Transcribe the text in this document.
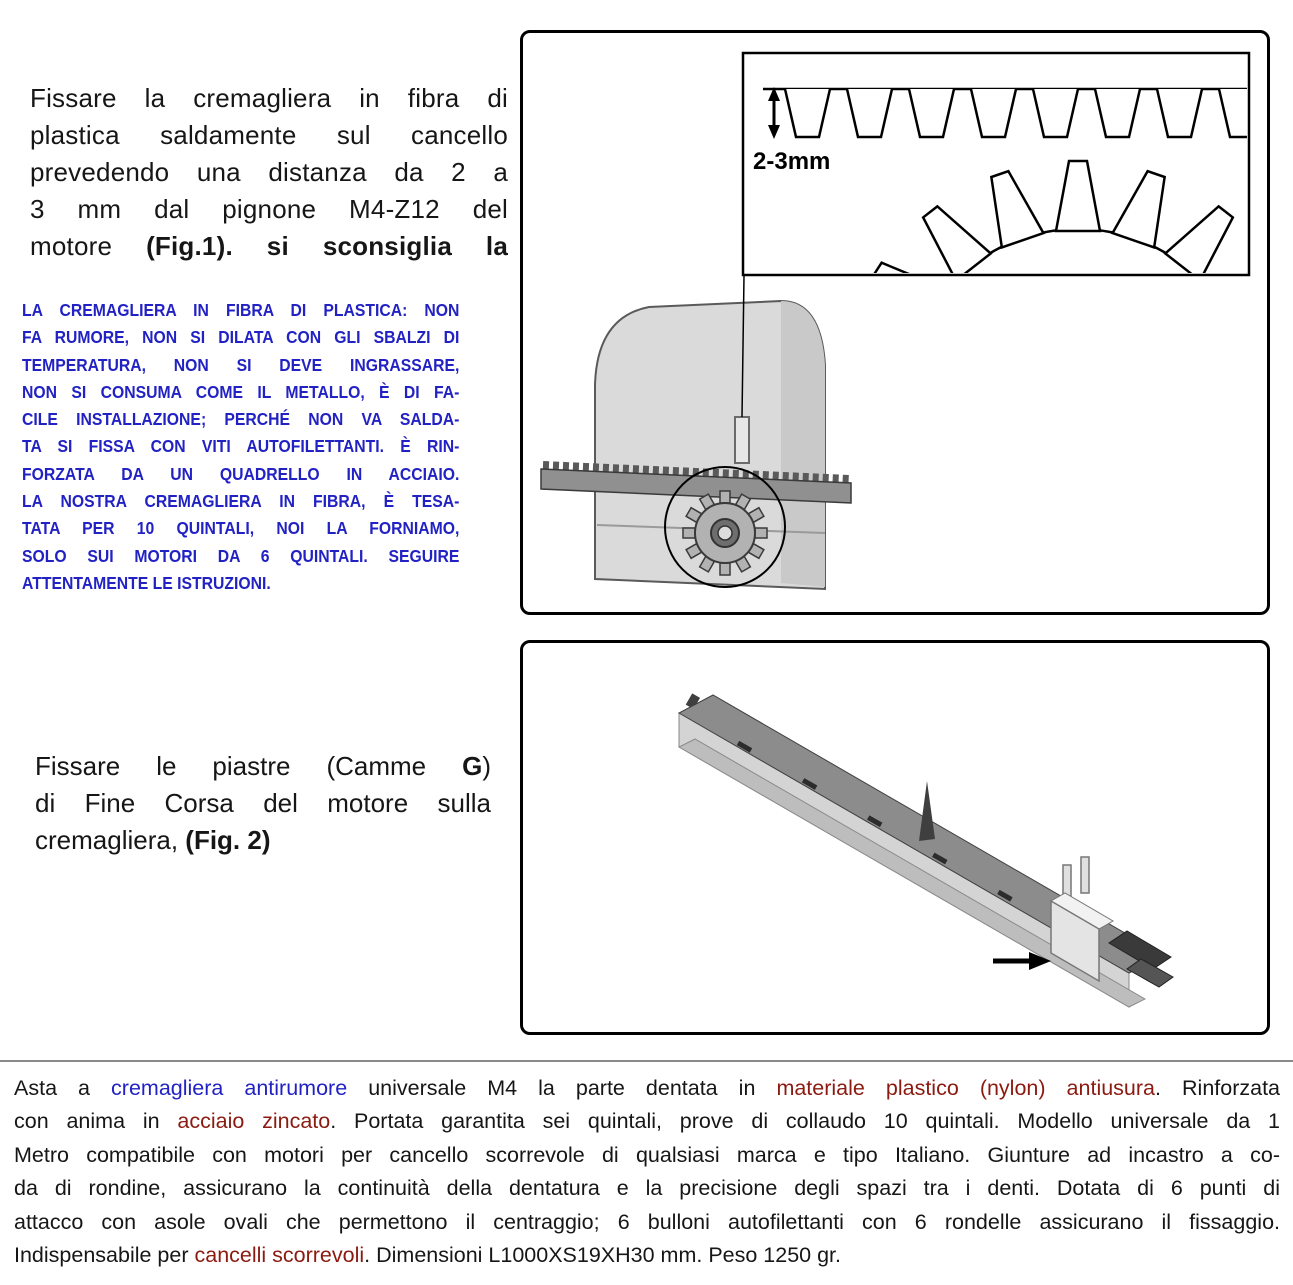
Fissare la cremagliera in fibra di
plastica saldamente sul cancello
prevedendo una distanza da 2 a
3 mm dal pignone M4-Z12 del
motore (Fig.1). si sconsiglia la
LA CREMAGLIERA IN FIBRA DI PLASTICA: NON
FA RUMORE, NON SI DILATA CON GLI SBALZI DI
TEMPERATURA, NON SI DEVE INGRASSARE,
NON SI CONSUMA COME IL METALLO, È DI FA-
CILE INSTALLAZIONE; PERCHÉ NON VA SALDA-
TA SI FISSA CON VITI AUTOFILETTANTI. È RIN-
FORZATA DA UN QUADRELLO IN ACCIAIO.
LA NOSTRA CREMAGLIERA IN FIBRA, È TESA-
TATA PER 10 QUINTALI, NOI LA FORNIAMO,
SOLO SUI MOTORI DA 6 QUINTALI. SEGUIRE
ATTENTAMENTE LE ISTRUZIONI.
2-3mm
Fissare le piastre (Camme G)
di Fine Corsa del motore sulla
cremagliera, (Fig. 2)
Asta a cremagliera antirumore universale M4 la parte dentata in materiale plastico (nylon) antiusura. Rinforzata
con anima in acciaio zincato. Portata garantita sei quintali, prove di collaudo 10 quintali. Modello universale da 1
Metro compatibile con motori per cancello scorrevole di qualsiasi marca e tipo Italiano. Giunture ad incastro a co-
da di rondine, assicurano la continuità della dentatura e la precisione degli spazi tra i denti. Dotata di 6 punti di
attacco con asole ovali che permettono il centraggio; 6 bulloni autofilettanti con 6 rondelle assicurano il fissaggio.
Indispensabile per cancelli scorrevoli. Dimensioni L1000XS19XH30 mm. Peso 1250 gr.
